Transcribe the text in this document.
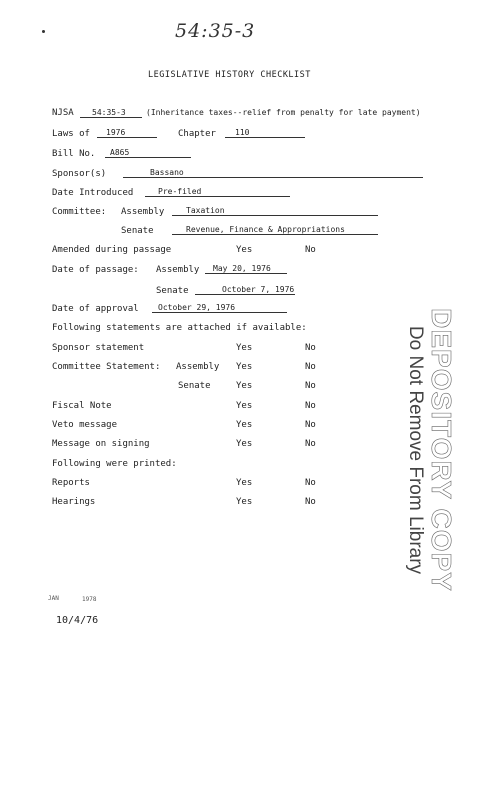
54:35-3
LEGISLATIVE HISTORY CHECKLIST
NJSA 54:35-3	(Inheritance taxes--relief from penalty for late payment)
Laws of 1976	Chapter 110
Bill No. A865
Sponsor(s)	Bassano
Date Introduced	Pre-filed
Committee: Assembly	Taxation
Senate	Revenue, Finance & Appropriations
Amended during passage	Yes	No
Date of passage: Assembly May 20, 1976
Senate	October 7, 1976
Date of approval October 29, 1976
Following statements are attached if available:
Sponsor statement	Yes	No
Committee Statement: Assembly Yes	No
Senate	Yes	No
Fiscal Note	Yes	No
Veto message	Yes	No
Message on signing	Yes	No
Following were printed:
Reports	Yes	No
Hearings	Yes	No	DEPOSITORY COPY
Do Not Remove From Library
JAN	1978
10/4/76
